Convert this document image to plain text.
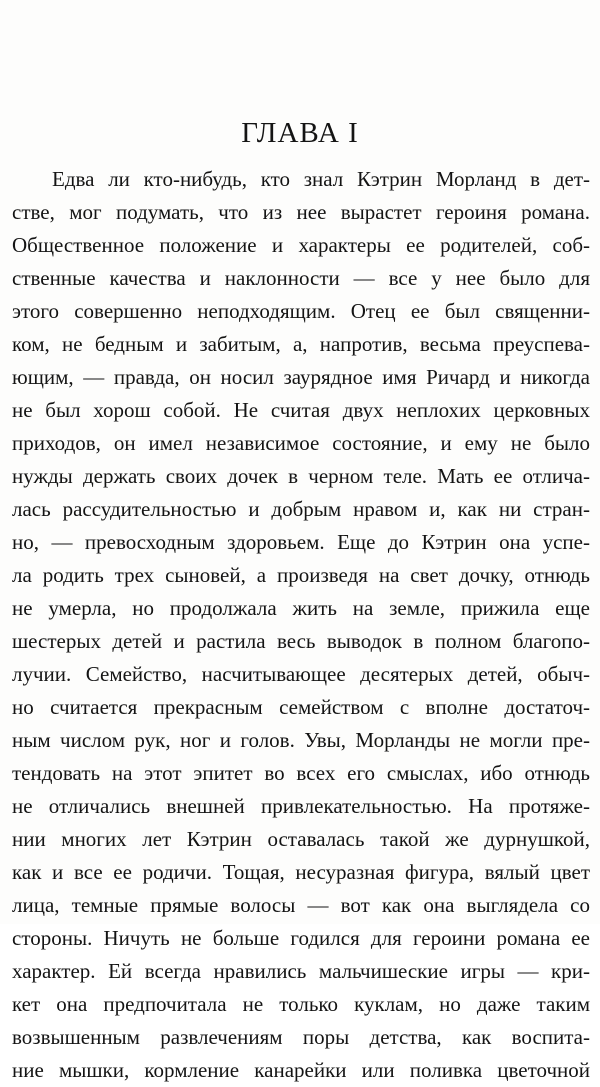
ГЛАВА I
Едва ли кто-нибудь, кто знал Кэтрин Морланд в дет-
стве, мог подумать, что из нее вырастет героиня романа.
Общественное положение и характеры ее родителей, соб-
ственные качества и наклонности — все у нее было для
этого совершенно неподходящим. Отец ее был священни-
ком, не бедным и забитым, а, напротив, весьма преуспева-
ющим, — правда, он носил заурядное имя Ричард и никогда
не был хорош собой. Не считая двух неплохих церковных
приходов, он имел независимое состояние, и ему не было
нужды держать своих дочек в черном теле. Мать ее отлича-
лась рассудительностью и добрым нравом и, как ни стран-
но, — превосходным здоровьем. Еще до Кэтрин она успе-
ла родить трех сыновей, а произведя на свет дочку, отнюдь
не умерла, но продолжала жить на земле, прижила еще
шестерых детей и растила весь выводок в полном благопо-
лучии. Семейство, насчитывающее десятерых детей, обыч-
но считается прекрасным семейством с вполне достаточ-
ным числом рук, ног и голов. Увы, Морланды не могли пре-
тендовать на этот эпитет во всех его смыслах, ибо отнюдь
не отличались внешней привлекательностью. На протяже-
нии многих лет Кэтрин оставалась такой же дурнушкой,
как и все ее родичи. Тощая, несуразная фигура, вялый цвет
лица, темные прямые волосы — вот как она выглядела со
стороны. Ничуть не больше годился для героини романа ее
характер. Ей всегда нравились мальчишеские игры — кри-
кет она предпочитала не только куклам, но даже таким
возвышенным развлечениям поры детства, как воспита-
ние мышки, кормление канарейки или поливка цветочной
